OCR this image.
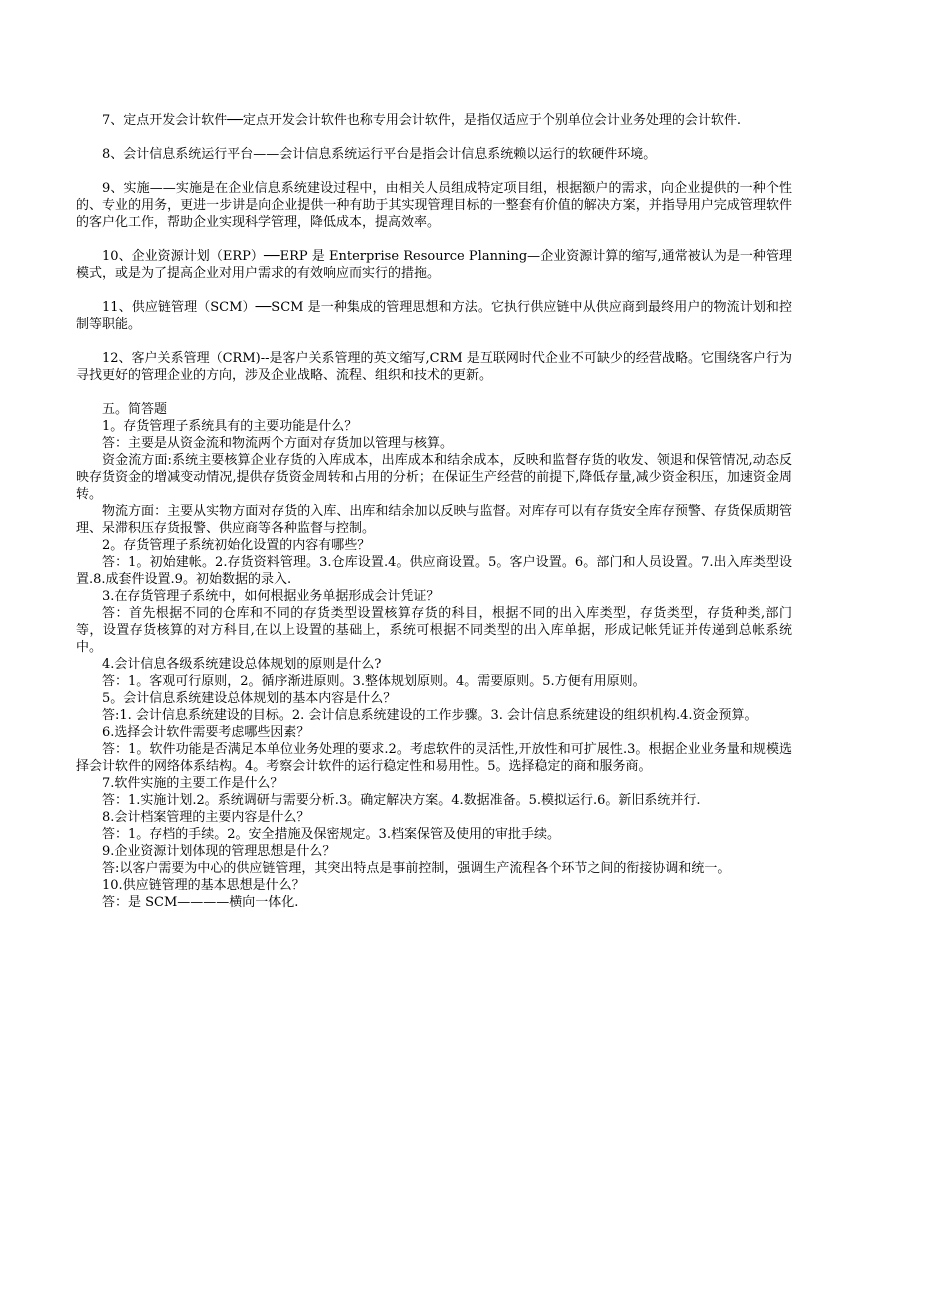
7、定点开发会计软件──定点开发会计软件也称专用会计软件，是指仅适应于个别单位会计业务处理的会计软件.

8、会计信息系统运行平台——会计信息系统运行平台是指会计信息系统赖以运行的软硬件环境。

9、实施——实施是在企业信息系统建设过程中，由相关人员组成特定项目组，根据额户的需求，向企业提供的一种个性的、专业的用务，更进一步讲是向企业提供一种有助于其实现管理目标的一整套有价值的解决方案，并指导用户完成管理软件的客户化工作，帮助企业实现科学管理，降低成本，提高效率。

10、企业资源计划（ERP）──ERP 是 Enterprise Resource Planning—企业资源计算的缩写,通常被认为是一种管理模式，或是为了提高企业对用户需求的有效响应而实行的措拖。

11、供应链管理（SCM）──SCM 是一种集成的管理思想和方法。它执行供应链中从供应商到最终用户的物流计划和控制等职能。

12、客户关系管理（CRM)--是客户关系管理的英文缩写,CRM 是互联网时代企业不可缺少的经营战略。它围绕客户行为寻找更好的管理企业的方向，涉及企业战略、流程、组织和技术的更新。

五。简答题

1。存货管理子系统具有的主要功能是什么？

答：主要是从资金流和物流两个方面对存货加以管理与核算。

资金流方面:系统主要核算企业存货的入库成本，出库成本和结余成本，反映和监督存货的收发、领退和保管情况,动态反映存货资金的增减变动情况,提供存货资金周转和占用的分析；在保证生产经营的前提下,降低存量,减少资金积压，加速资金周转。

物流方面：主要从实物方面对存货的入库、出库和结余加以反映与监督。对库存可以有存货安全库存预警、存货保质期管理、呆滞积压存货报警、供应商等各种监督与控制。

2。存货管理子系统初始化设置的内容有哪些？

答：1。初始建帐。2.存货资料管理。3.仓库设置.4。供应商设置。5。客户设置。6。部门和人员设置。7.出入库类型设置.8.成套件设置.9。初始数据的录入.

3.在存货管理子系统中，如何根据业务单据形成会计凭证？

答：首先根据不同的仓库和不同的存货类型设置核算存货的科目，根据不同的出入库类型，存货类型，存货种类,部门等，设置存货核算的对方科目,在以上设置的基础上，系统可根据不同类型的出入库单据，形成记帐凭证并传递到总帐系统中。

4.会计信息各级系统建设总体规划的原则是什么?

答：1。客观可行原则，2。循序渐进原则。3.整体规划原则。4。需要原则。5.方便有用原则。

5。会计信息系统建设总体规划的基本内容是什么？

答:1. 会计信息系统建设的目标。2. 会计信息系统建设的工作步骤。3. 会计信息系统建设的组织机构.4.资金预算。

6.选择会计软件需要考虑哪些因素？

答：1。软件功能是否满足本单位业务处理的要求.2。考虑软件的灵活性,开放性和可扩展性.3。根据企业业务量和规模选择会计软件的网络体系结构。4。考察会计软件的运行稳定性和易用性。5。选择稳定的商和服务商。

7.软件实施的主要工作是什么？

答：1.实施计划.2。系统调研与需要分析.3。确定解决方案。4.数据准备。5.模拟运行.6。新旧系统并行.

8.会计档案管理的主要内容是什么？

答：1。存档的手续。2。安全措施及保密规定。3.档案保管及使用的审批手续。

9.企业资源计划体现的管理思想是什么？

答:以客户需要为中心的供应链管理，其突出特点是事前控制，强调生产流程各个环节之间的衔接协调和统一。

10.供应链管理的基本思想是什么？

答：是 SCM————横向一体化.
